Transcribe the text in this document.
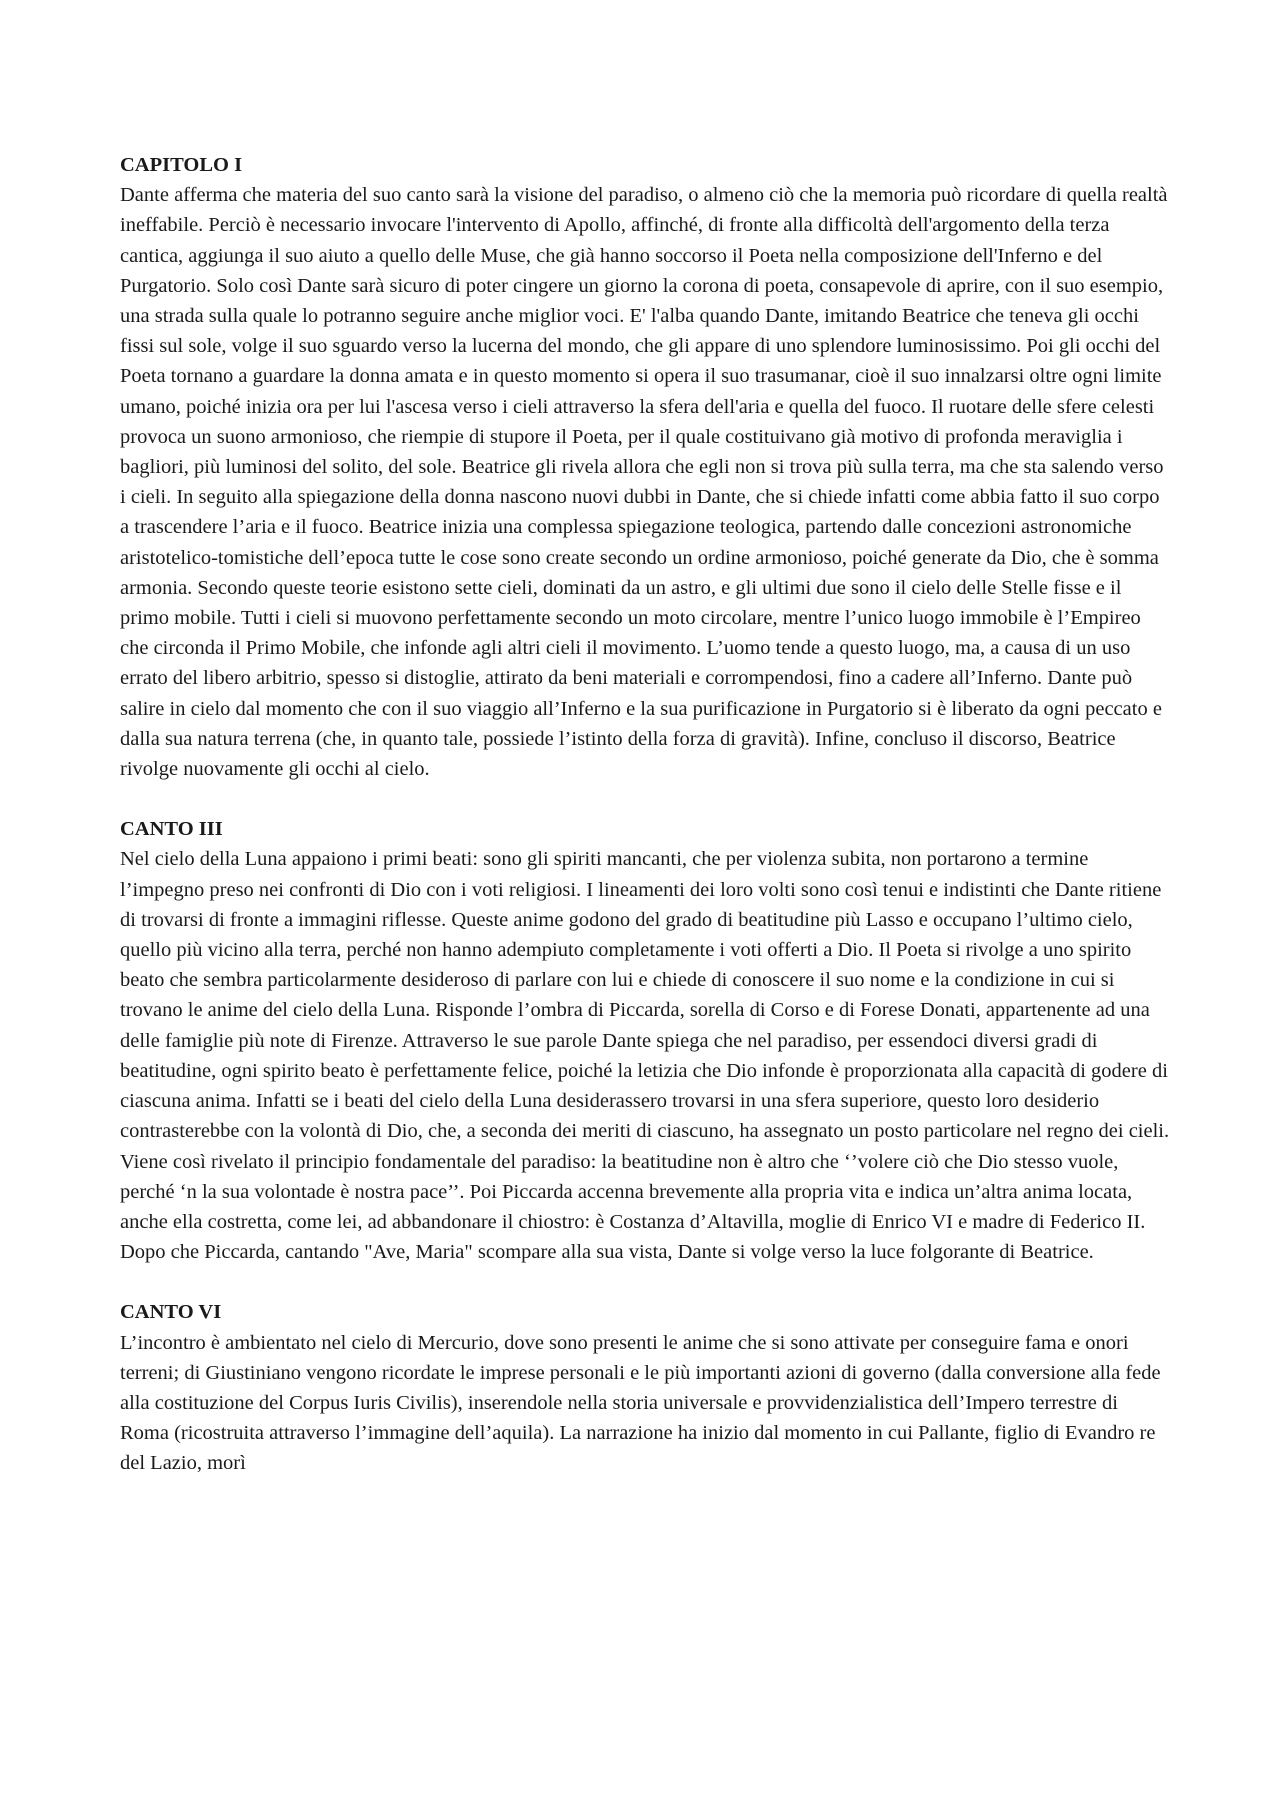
CAPITOLO I

Dante afferma che materia del suo canto sarà la visione del paradiso, o almeno ciò che la memoria può ricordare di quella realtà ineffabile. Perciò è necessario invocare l'intervento di Apollo, affinché, di fronte alla difficoltà dell'argomento della terza cantica, aggiunga il suo aiuto a quello delle Muse, che già hanno soccorso il Poeta nella composizione dell'Inferno e del Purgatorio. Solo così Dante sarà sicuro di poter cingere un giorno la corona di poeta, consapevole di aprire, con il suo esempio, una strada sulla quale lo potranno seguire anche miglior voci. E' l'alba quando Dante, imitando Beatrice che teneva gli occhi fissi sul sole, volge il suo sguardo verso la lucerna del mondo, che gli appare di uno splendore luminosissimo. Poi gli occhi del Poeta tornano a guardare la donna amata e in questo momento si opera il suo trasumanar, cioè il suo innalzarsi oltre ogni limite umano, poiché inizia ora per lui l'ascesa verso i cieli attraverso la sfera dell'aria e quella del fuoco. Il ruotare delle sfere celesti provoca un suono armonioso, che riempie di stupore il Poeta, per il quale costituivano già motivo di profonda meraviglia i bagliori, più luminosi del solito, del sole. Beatrice gli rivela allora che egli non si trova più sulla terra, ma che sta salendo verso i cieli. In seguito alla spiegazione della donna nascono nuovi dubbi in Dante, che si chiede infatti come abbia fatto il suo corpo a trascendere l’aria e il fuoco. Beatrice inizia una complessa spiegazione teologica, partendo dalle concezioni astronomiche aristotelico-tomistiche dell’epoca tutte le cose sono create secondo un ordine armonioso, poiché generate da Dio, che è somma armonia. Secondo queste teorie esistono sette cieli, dominati da un astro, e gli ultimi due sono il cielo delle Stelle fisse e il primo mobile. Tutti i cieli si muovono perfettamente secondo un moto circolare, mentre l’unico luogo immobile è l’Empireo che circonda il Primo Mobile, che infonde agli altri cieli il movimento. L’uomo tende a questo luogo, ma, a causa di un uso errato del libero arbitrio, spesso si distoglie, attirato da beni materiali e corrompendosi, fino a cadere all’Inferno. Dante può salire in cielo dal momento che con il suo viaggio all’Inferno e la sua purificazione in Purgatorio si è liberato da ogni peccato e dalla sua natura terrena (che, in quanto tale, possiede l’istinto della forza di gravità). Infine, concluso il discorso, Beatrice rivolge nuovamente gli occhi al cielo.

CANTO III

Nel cielo della Luna appaiono i primi beati: sono gli spiriti mancanti, che per violenza subita, non portarono a termine l’impegno preso nei confronti di Dio con i voti religiosi. I lineamenti dei loro volti sono così tenui e indistinti che Dante ritiene di trovarsi di fronte a immagini riflesse. Queste anime godono del grado di beatitudine più Lasso e occupano l’ultimo cielo, quello più vicino alla terra, perché non hanno adempiuto completamente i voti offerti a Dio. Il Poeta si rivolge a uno spirito beato che sembra particolarmente desideroso di parlare con lui e chiede di conoscere il suo nome e la condizione in cui si trovano le anime del cielo della Luna. Risponde l’ombra di Piccarda, sorella di Corso e di Forese Donati, appartenente ad una delle famiglie più note di Firenze. Attraverso le sue parole Dante spiega che nel paradiso, per essendoci diversi gradi di beatitudine, ogni spirito beato è perfettamente felice, poiché la letizia che Dio infonde è proporzionata alla capacità di godere di ciascuna anima. Infatti se i beati del cielo della Luna desiderassero trovarsi in una sfera superiore, questo loro desiderio contrasterebbe con la volontà di Dio, che, a seconda dei meriti di ciascuno, ha assegnato un posto particolare nel regno dei cieli. Viene così rivelato il principio fondamentale del paradiso: la beatitudine non è altro che ‘’volere ciò che Dio stesso vuole, perché ‘n la sua volontade è nostra pace’’. Poi Piccarda accenna brevemente alla propria vita e indica un’altra anima locata, anche ella costretta, come lei, ad abbandonare il chiostro: è Costanza d’Altavilla, moglie di Enrico VI e madre di Federico II. Dopo che Piccarda, cantando "Ave, Maria" scompare alla sua vista, Dante si volge verso la luce folgorante di Beatrice.

CANTO VI

L’incontro è ambientato nel cielo di Mercurio, dove sono presenti le anime che si sono attivate per conseguire fama e onori terreni; di Giustiniano vengono ricordate le imprese personali e le più importanti azioni di governo (dalla conversione alla fede alla costituzione del Corpus Iuris Civilis), inserendole nella storia universale e provvidenzialistica dell’Impero terrestre di Roma (ricostruita attraverso l’immagine dell’aquila). La narrazione ha inizio dal momento in cui Pallante, figlio di Evandro re del Lazio, morì
